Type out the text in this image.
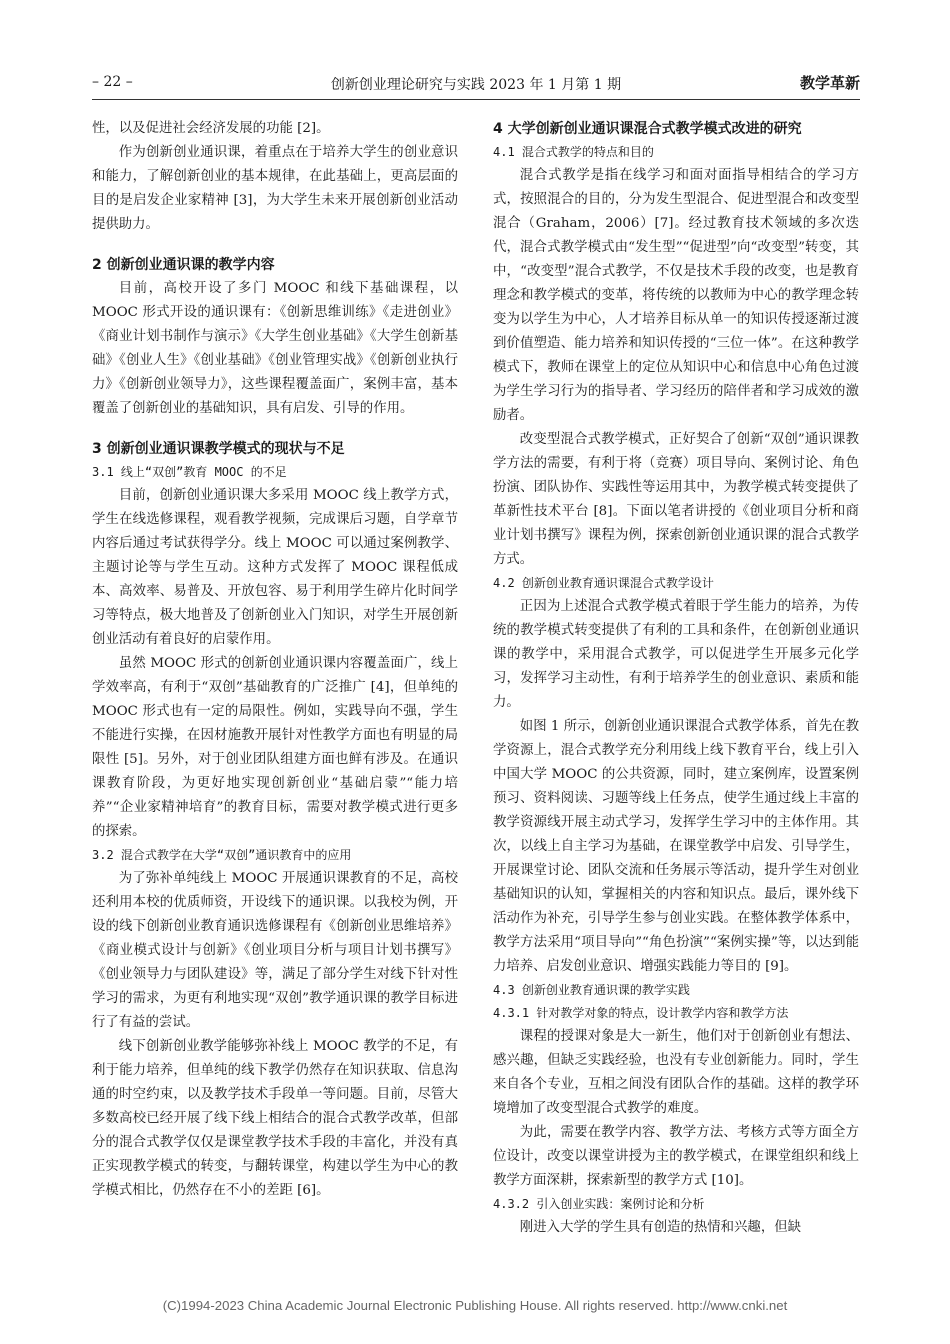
– 22 –	创新创业理论研究与实践 2023 年 1 月第 1 期	教学革新

性，以及促进社会经济发展的功能 [2]。

作为创新创业通识课，着重点在于培养大学生的创业意识和能力，了解创新创业的基本规律，在此基础上，更高层面的目的是启发企业家精神 [3]，为大学生未来开展创新创业活动提供助力。

2 创新创业通识课的教学内容

目前，高校开设了多门 MOOC 和线下基础课程，以 MOOC 形式开设的通识课有：《创新思维训练》《走进创业》《商业计划书制作与演示》《大学生创业基础》《大学生创新基础》《创业人生》《创业基础》《创业管理实战》《创新创业执行力》《创新创业领导力》，这些课程覆盖面广，案例丰富，基本覆盖了创新创业的基础知识，具有启发、引导的作用。

3 创新创业通识课教学模式的现状与不足
3.1 线上“双创”教育 MOOC 的不足

目前，创新创业通识课大多采用 MOOC 线上教学方式，学生在线选修课程，观看教学视频，完成课后习题，自学章节内容后通过考试获得学分。线上 MOOC 可以通过案例教学、主题讨论等与学生互动。这种方式发挥了 MOOC 课程低成本、高效率、易普及、开放包容、易于利用学生碎片化时间学习等特点，极大地普及了创新创业入门知识，对学生开展创新创业活动有着良好的启蒙作用。

虽然 MOOC 形式的创新创业通识课内容覆盖面广，线上学效率高，有利于“双创”基础教育的广泛推广 [4]，但单纯的 MOOC 形式也有一定的局限性。例如，实践导向不强，学生不能进行实操，在因材施教开展针对性教学方面也有明显的局限性 [5]。另外，对于创业团队组建方面也鲜有涉及。在通识课教育阶段，为更好地实现创新创业“基础启蒙”“能力培养”“企业家精神培育”的教育目标，需要对教学模式进行更多的探索。

3.2 混合式教学在大学“双创”通识教育中的应用

为了弥补单纯线上 MOOC 开展通识课教育的不足，高校还利用本校的优质师资，开设线下的通识课。以我校为例，开设的线下创新创业教育通识选修课程有《创新创业思维培养》《商业模式设计与创新》《创业项目分析与项目计划书撰写》《创业领导力与团队建设》等，满足了部分学生对线下针对性学习的需求，为更有利地实现“双创”教学通识课的教学目标进行了有益的尝试。

线下创新创业教学能够弥补线上 MOOC 教学的不足，有利于能力培养，但单纯的线下教学仍然存在知识获取、信息沟通的时空约束，以及教学技术手段单一等问题。目前，尽管大多数高校已经开展了线下线上相结合的混合式教学改革，但部分的混合式教学仅仅是课堂教学技术手段的丰富化，并没有真正实现教学模式的转变，与翻转课堂，构建以学生为中心的教学模式相比，仍然存在不小的差距 [6]。

4 大学创新创业通识课混合式教学模式改进的研究
4.1 混合式教学的特点和目的

混合式教学是指在线学习和面对面指导相结合的学习方式，按照混合的目的，分为发生型混合、促进型混合和改变型混合（Graham，2006）[7]。经过教育技术领域的多次迭代，混合式教学模式由“发生型”“促进型”向“改变型”转变，其中，“改变型”混合式教学，不仅是技术手段的改变，也是教育理念和教学模式的变革，将传统的以教师为中心的教学理念转变为以学生为中心，人才培养目标从单一的知识传授逐渐过渡到价值塑造、能力培养和知识传授的“三位一体”。在这种教学模式下，教师在课堂上的定位从知识中心和信息中心角色过渡为学生学习行为的指导者、学习经历的陪伴者和学习成效的激励者。

改变型混合式教学模式，正好契合了创新“双创”通识课教学方法的需要，有利于将（竞赛）项目导向、案例讨论、角色扮演、团队协作、实践性等运用其中，为教学模式转变提供了革新性技术平台 [8]。下面以笔者讲授的《创业项目分析和商业计划书撰写》课程为例，探索创新创业通识课的混合式教学方式。

4.2 创新创业教育通识课混合式教学设计

正因为上述混合式教学模式着眼于学生能力的培养，为传统的教学模式转变提供了有利的工具和条件，在创新创业通识课的教学中，采用混合式教学，可以促进学生开展多元化学习，发挥学习主动性，有利于培养学生的创业意识、素质和能力。

如图 1 所示，创新创业通识课混合式教学体系，首先在教学资源上，混合式教学充分利用线上线下教育平台，线上引入中国大学 MOOC 的公共资源，同时，建立案例库，设置案例预习、资料阅读、习题等线上任务点，使学生通过线上丰富的教学资源线开展主动式学习，发挥学生学习中的主体作用。其次，以线上自主学习为基础，在课堂教学中启发、引导学生，开展课堂讨论、团队交流和任务展示等活动，提升学生对创业基础知识的认知，掌握相关的内容和知识点。最后，课外线下活动作为补充，引导学生参与创业实践。在整体教学体系中，教学方法采用“项目导向”“角色扮演”“案例实操”等，以达到能力培养、启发创业意识、增强实践能力等目的 [9]。

4.3 创新创业教育通识课的教学实践
4.3.1 针对教学对象的特点，设计教学内容和教学方法

课程的授课对象是大一新生，他们对于创新创业有想法、感兴趣，但缺乏实践经验，也没有专业创新能力。同时，学生来自各个专业，互相之间没有团队合作的基础。这样的教学环境增加了改变型混合式教学的难度。

为此，需要在教学内容、教学方法、考核方式等方面全方位设计，改变以课堂讲授为主的教学模式，在课堂组织和线上教学方面深耕，探索新型的教学方式 [10]。

4.3.2 引入创业实践：案例讨论和分析

刚进入大学的学生具有创造的热情和兴趣，但缺

(C)1994-2023 China Academic Journal Electronic Publishing House. All rights reserved. http://www.cnki.net
